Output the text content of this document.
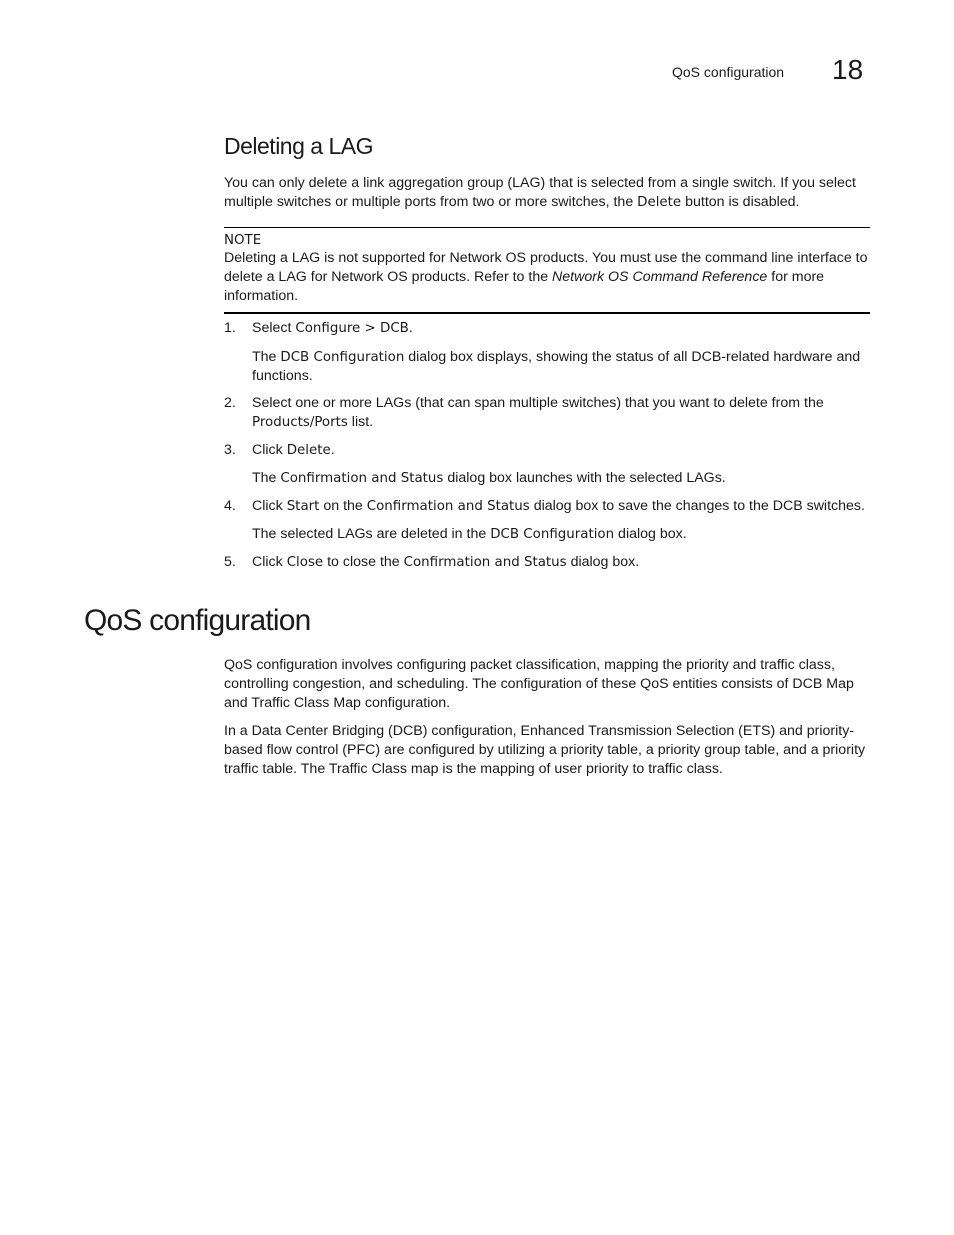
QoS configuration 18
Deleting a LAG

You can only delete a link aggregation group (LAG) that is selected from a single switch. If you select multiple switches or multiple ports from two or more switches, the Delete button is disabled.

NOTE
Deleting a LAG is not supported for Network OS products. You must use the command line interface to delete a LAG for Network OS products. Refer to the Network OS Command Reference for more information.
1. Select Configure > DCB.
The DCB Configuration dialog box displays, showing the status of all DCB-related hardware and functions.
2. Select one or more LAGs (that can span multiple switches) that you want to delete from the Products/Ports list.
3. Click Delete.
The Confirmation and Status dialog box launches with the selected LAGs.
4. Click Start on the Confirmation and Status dialog box to save the changes to the DCB switches.
The selected LAGs are deleted in the DCB Configuration dialog box.
5. Click Close to close the Confirmation and Status dialog box.
QoS configuration

QoS configuration involves configuring packet classification, mapping the priority and traffic class, controlling congestion, and scheduling. The configuration of these QoS entities consists of DCB Map and Traffic Class Map configuration.

In a Data Center Bridging (DCB) configuration, Enhanced Transmission Selection (ETS) and priority-based flow control (PFC) are configured by utilizing a priority table, a priority group table, and a priority traffic table. The Traffic Class map is the mapping of user priority to traffic class.
